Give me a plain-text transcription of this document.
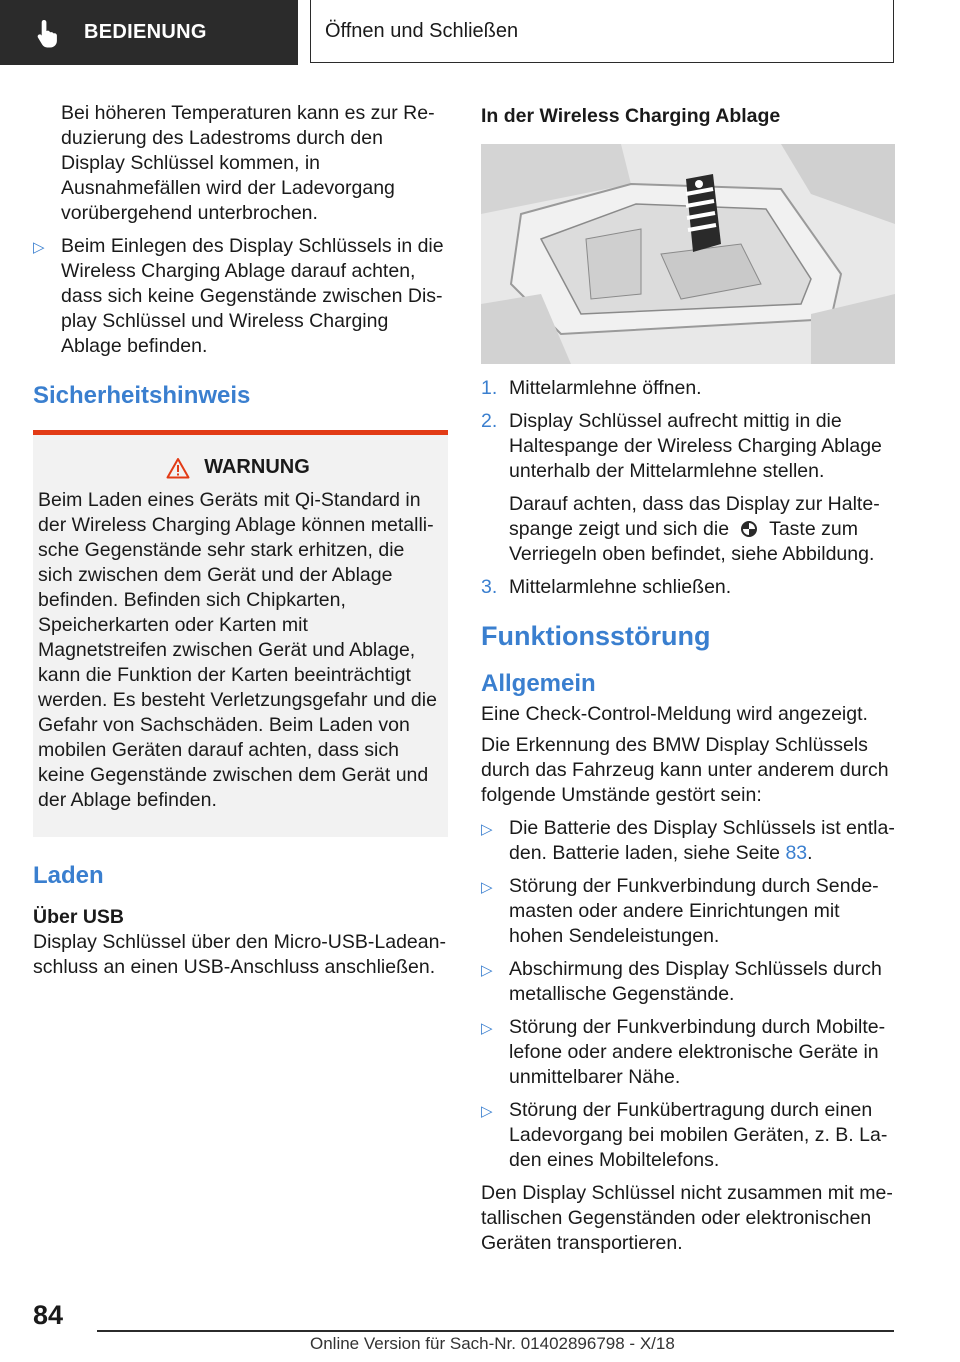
BEDIENUNG	Öffnen und Schließen

Bei höheren Temperaturen kann es zur Reduzierung des Ladestroms durch den Display Schlüssel kommen, in Ausnahmefällen wird der Ladevorgang vorübergehend unterbrochen.

▷ Beim Einlegen des Display Schlüssels in die Wireless Charging Ablage darauf achten, dass sich keine Gegenstände zwischen Display Schlüssel und Wireless Charging Ablage befinden.

Sicherheitshinweis
WARNUNG

Beim Laden eines Geräts mit Qi-Standard in der Wireless Charging Ablage können metallische Gegenstände sehr stark erhitzen, die sich zwischen dem Gerät und der Ablage befinden. Befinden sich Chipkarten, Speicherkarten oder Karten mit Magnetstreifen zwischen Gerät und Ablage, kann die Funktion der Karten beeinträchtigt werden. Es besteht Verletzungsgefahr und die Gefahr von Sachschäden. Beim Laden von mobilen Geräten darauf achten, dass sich keine Gegenstände zwischen dem Gerät und der Ablage befinden.

Laden

Über USB

Display Schlüssel über den Micro-USB-Ladeanschluss an einen USB-Anschluss anschließen.

In der Wireless Charging Ablage

1. Mittelarmlehne öffnen.

2. Display Schlüssel aufrecht mittig in die Haltespange der Wireless Charging Ablage unterhalb der Mittelarmlehne stellen.

Darauf achten, dass das Display zur Haltespange zeigt und sich die Taste zum Verriegeln oben befindet, siehe Abbildung.

3. Mittelarmlehne schließen.

Funktionsstörung
Allgemein

Eine Check-Control-Meldung wird angezeigt.

Die Erkennung des BMW Display Schlüssels durch das Fahrzeug kann unter anderem durch folgende Umstände gestört sein:

▷ Die Batterie des Display Schlüssels ist entladen. Batterie laden, siehe Seite 83.

▷ Störung der Funkverbindung durch Sendemasten oder andere Einrichtungen mit hohen Sendeleistungen.

▷ Abschirmung des Display Schlüssels durch metallische Gegenstände.

▷ Störung der Funkverbindung durch Mobiltelefone oder andere elektronische Geräte in unmittelbarer Nähe.

▷ Störung der Funkübertragung durch einen Ladevorgang bei mobilen Geräten, z. B. Laden eines Mobiltelefons.

Den Display Schlüssel nicht zusammen mit metallischen Gegenständen oder elektronischen Geräten transportieren.

84
Online Version für Sach-Nr. 01402896798 - X/18
